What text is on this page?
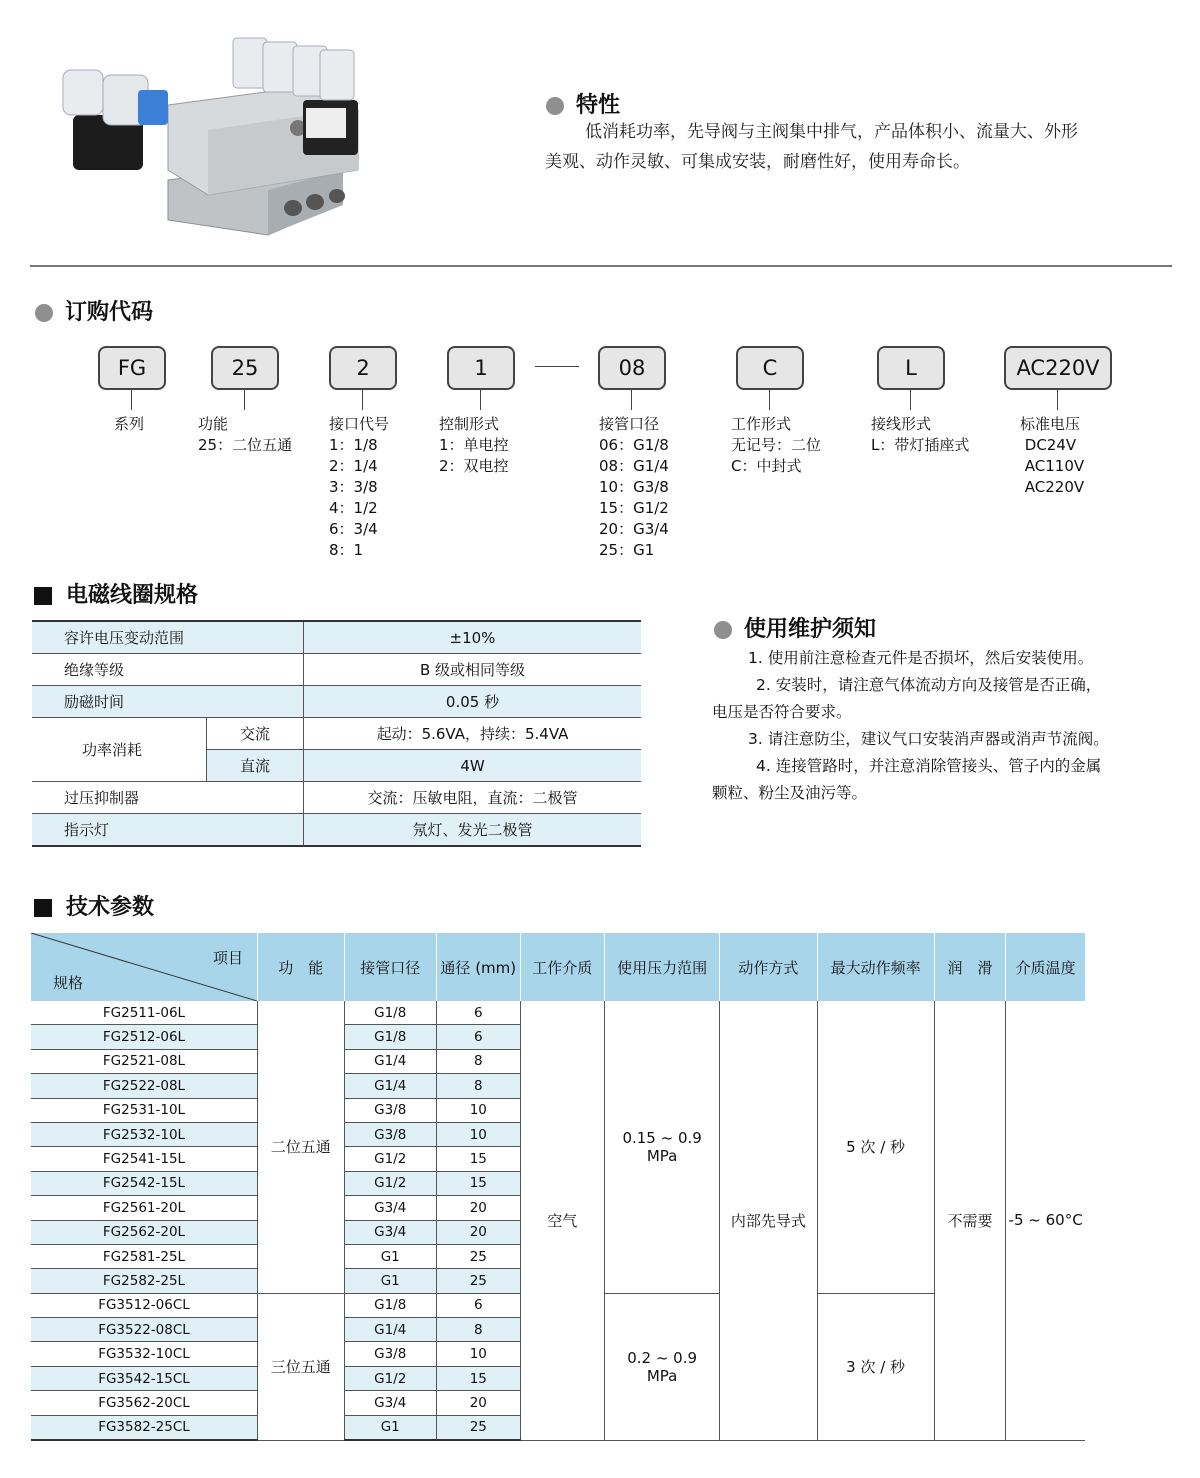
特性
低消耗功率，先导阀与主阀集中排气，产品体积小、流量大、外形
美观、动作灵敏、可集成安装，耐磨性好，使用寿命长。
订购代码
FG	25	2	1	08	C	L	AC220V
系列	功能
25：二位五通
接口代号
1：1/8
2：1/4
3：3/8
4：1/2
6：3/4
8：1
控制形式
1：单电控
2：双电控
接管口径
06：G1/8
08：G1/4
10：G3/8
15：G1/2
20：G3/4
25：G1
工作形式
无记号：二位
C：中封式
接线形式
L：带灯插座式
标准电压
DC24V
AC110V
AC220V
电磁线圈规格
容许电压变动范围		±10%
绝缘等级		B 级或相同等级
励磁时间		0.05 秒
功率消耗	交流	起动：5.6VA，持续：5.4VA
	直流	4W
过压抑制器		交流：压敏电阻，直流：二极管
指示灯		氖灯、发光二极管
使用维护须知
1. 使用前注意检查元件是否损坏，然后安装使用。
2. 安装时，请注意气体流动方向及接管是否正确，
电压是否符合要求。
3. 请注意防尘，建议气口安装消声器或消声节流阀。
4. 连接管路时，并注意消除管接头、管子内的金属
颗粒、粉尘及油污等。
技术参数
项目
规格	功　能	接管口径	通径 (mm)	工作介质	使用压力范围	动作方式	最大动作频率	润　滑	介质温度
FG2511-06L	二位五通	G1/8	6	空气	0.15 ~ 0.9
MPa	内部先导式	5 次 / 秒	不需要	-5 ~ 60°C
FG2512-06L		G1/8	6						
FG2521-08L		G1/4	8						
FG2522-08L		G1/4	8						
FG2531-10L		G3/8	10						
FG2532-10L		G3/8	10						
FG2541-15L		G1/2	15						
FG2542-15L		G1/2	15						
FG2561-20L		G3/4	20						
FG2562-20L		G3/4	20						
FG2581-25L		G1	25						
FG2582-25L		G1	25						
FG3512-06CL	三位五通	G1/8	6		0.2 ~ 0.9
MPa		3 次 / 秒		
FG3522-08CL		G1/4	8						
FG3532-10CL		G3/8	10						
FG3542-15CL		G1/2	15						
FG3562-20CL		G3/4	20						
FG3582-25CL		G1	25						
